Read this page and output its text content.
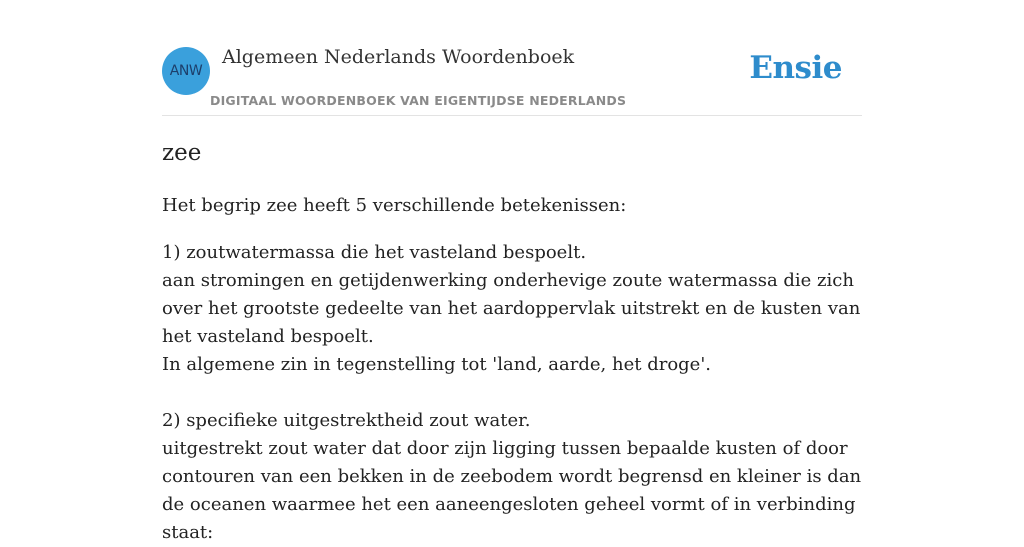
ANW
Algemeen Nederlands Woordenboek
DIGITAAL WOORDENBOEK VAN EIGENTIJDSE NEDERLANDS
Ensie
zee

Het begrip zee heeft 5 verschillende betekenissen:

1) zoutwatermassa die het vasteland bespoelt.

aan stromingen en getijdenwerking onderhevige zoute watermassa die zich over het grootste gedeelte van het aardoppervlak uitstrekt en de kusten van het vasteland bespoelt.

In algemene zin in tegenstelling tot 'land, aarde, het droge'.

2) specifieke uitgestrektheid zout water.

uitgestrekt zout water dat door zijn ligging tussen bepaalde kusten of door contouren van een bekken in de zeebodem wordt begrensd en kleiner is dan de oceanen waarmee het een aaneengesloten geheel vormt of in verbinding staat:
